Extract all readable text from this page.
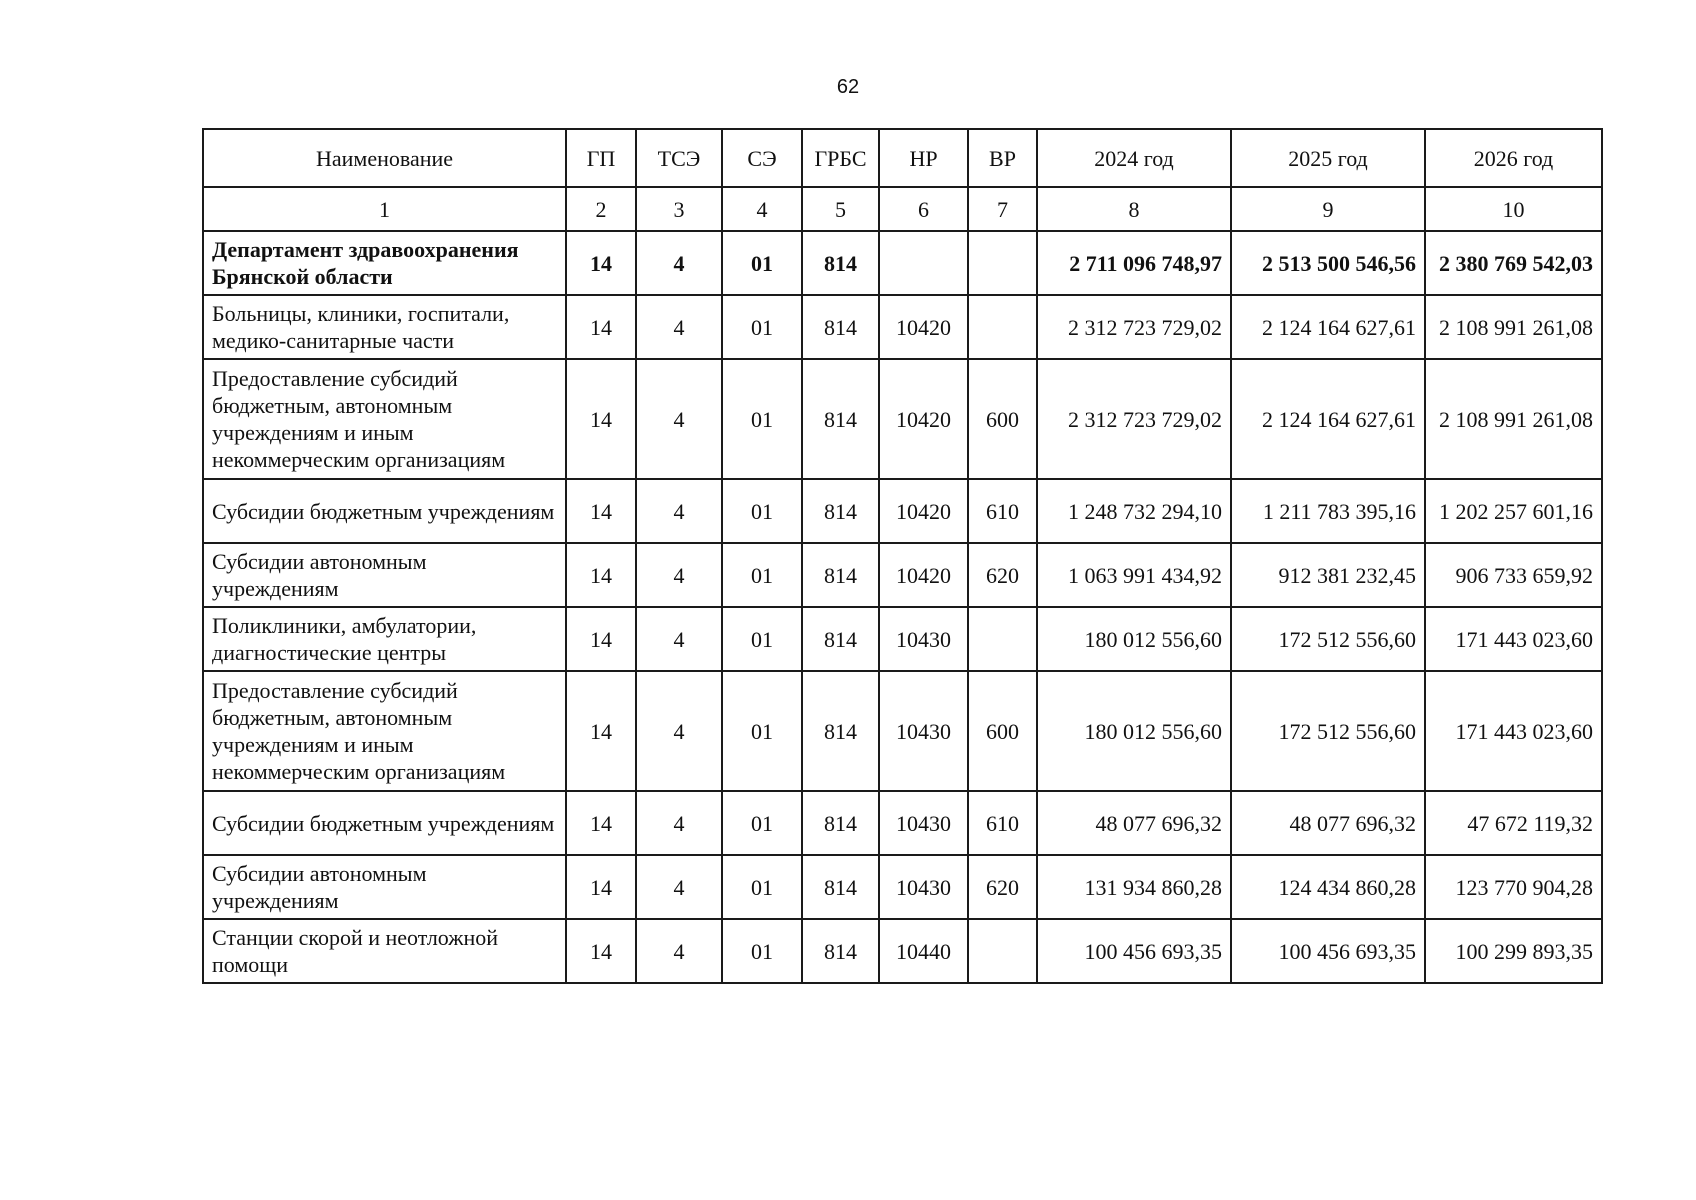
62
Наименование	ГП	ТСЭ	СЭ	ГРБС	НР	ВР	2024 год	2025 год	2026 год
1	2	3	4	5	6	7	8	9	10
Департамент здравоохранения Брянской области	14	4	01	814			2 711 096 748,97	2 513 500 546,56	2 380 769 542,03
Больницы, клиники, госпитали, медико-санитарные части	14	4	01	814	10420		2 312 723 729,02	2 124 164 627,61	2 108 991 261,08
Предоставление субсидий бюджетным, автономным учреждениям и иным некоммерческим организациям	14	4	01	814	10420	600	2 312 723 729,02	2 124 164 627,61	2 108 991 261,08
Субсидии бюджетным учреждениям	14	4	01	814	10420	610	1 248 732 294,10	1 211 783 395,16	1 202 257 601,16
Субсидии автономным учреждениям	14	4	01	814	10420	620	1 063 991 434,92	912 381 232,45	906 733 659,92
Поликлиники, амбулатории, диагностические центры	14	4	01	814	10430		180 012 556,60	172 512 556,60	171 443 023,60
Предоставление субсидий бюджетным, автономным учреждениям и иным некоммерческим организациям	14	4	01	814	10430	600	180 012 556,60	172 512 556,60	171 443 023,60
Субсидии бюджетным учреждениям	14	4	01	814	10430	610	48 077 696,32	48 077 696,32	47 672 119,32
Субсидии автономным учреждениям	14	4	01	814	10430	620	131 934 860,28	124 434 860,28	123 770 904,28
Станции скорой и неотложной помощи	14	4	01	814	10440		100 456 693,35	100 456 693,35	100 299 893,35
